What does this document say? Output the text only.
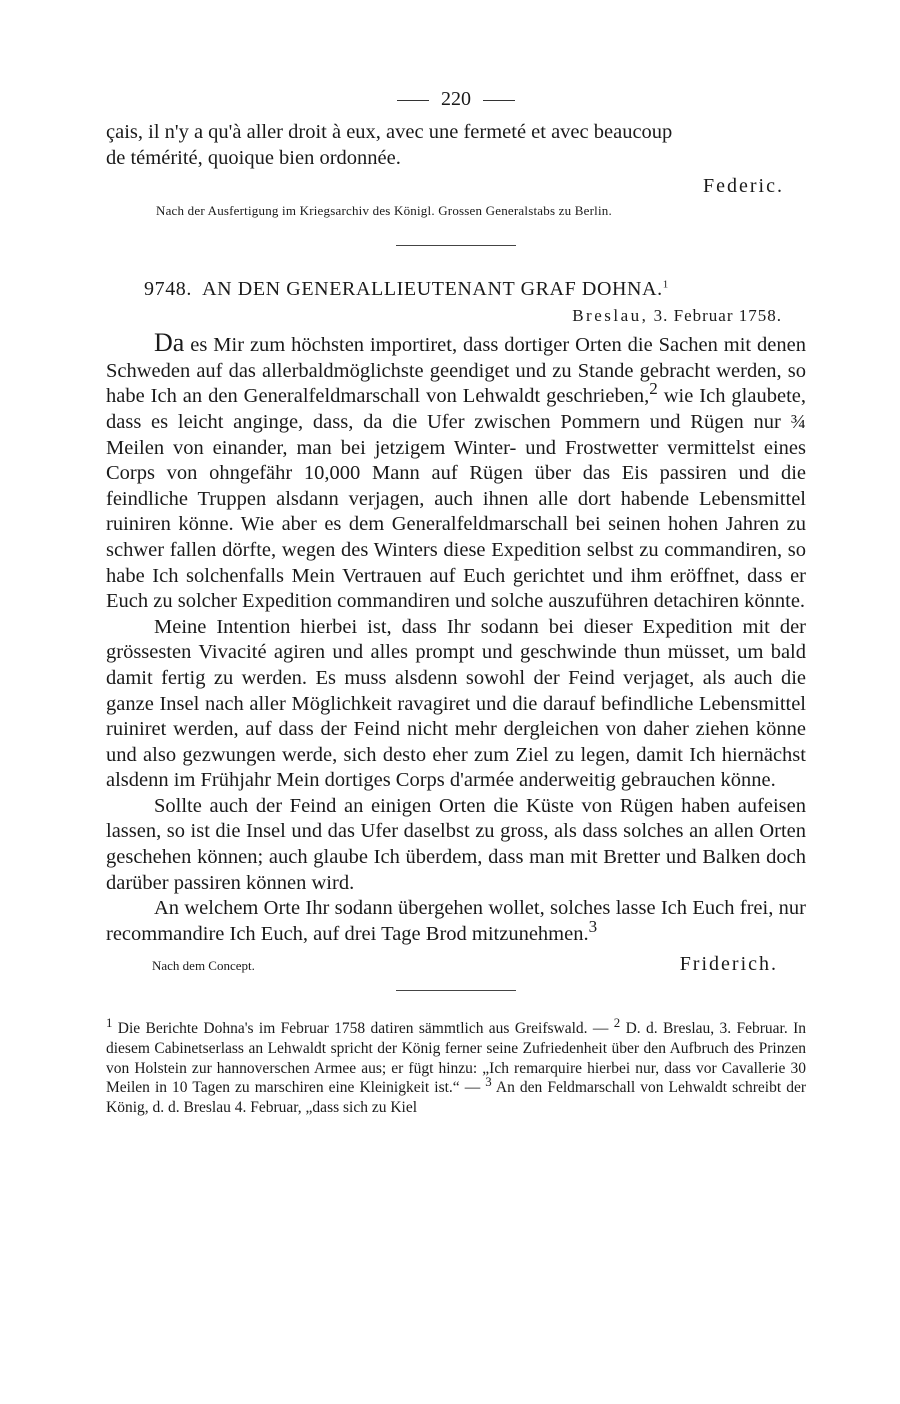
220
çais, il n'y a qu'à aller droit à eux, avec une fermeté et avec beaucoup
de témérité, quoique bien ordonnée.
Federic.
Nach der Ausfertigung im Kriegsarchiv des Königl. Grossen Generalstabs zu Berlin.
9748. AN DEN GENERALLIEUTENANT GRAF DOHNA.$^1$
Breslau, 3. Februar 1758.
Da es Mir zum höchsten importiret, dass dortiger Orten die Sachen mit denen Schweden auf das allerbaldmöglichste geendiget und zu Stande gebracht werden, so habe Ich an den Generalfeldmarschall von Lehwaldt geschrieben,$^2$ wie Ich glaubete, dass es leicht anginge, dass, da die Ufer zwischen Pommern und Rügen nur ¾ Meilen von einander, man bei jetzigem Winter- und Frostwetter vermittelst eines Corps von ohngefähr 10,000 Mann auf Rügen über das Eis passiren und die feindliche Truppen alsdann verjagen, auch ihnen alle dort habende Lebensmittel ruiniren könne. Wie aber es dem Generalfeldmarschall bei seinen hohen Jahren zu schwer fallen dörfte, wegen des Winters diese Expedition selbst zu commandiren, so habe Ich solchenfalls Mein Vertrauen auf Euch gerichtet und ihm eröffnet, dass er Euch zu solcher Expedition commandiren und solche auszuführen detachiren könnte.
Meine Intention hierbei ist, dass Ihr sodann bei dieser Expedition mit der grössesten Vivacité agiren und alles prompt und geschwinde thun müsset, um bald damit fertig zu werden. Es muss alsdenn sowohl der Feind verjaget, als auch die ganze Insel nach aller Möglichkeit ravagiret und die darauf befindliche Lebensmittel ruiniret werden, auf dass der Feind nicht mehr dergleichen von daher ziehen könne und also gezwungen werde, sich desto eher zum Ziel zu legen, damit Ich hiernächst alsdenn im Frühjahr Mein dortiges Corps d'armée anderweitig gebrauchen könne.
Sollte auch der Feind an einigen Orten die Küste von Rügen haben aufeisen lassen, so ist die Insel und das Ufer daselbst zu gross, als dass solches an allen Orten geschehen können; auch glaube Ich überdem, dass man mit Bretter und Balken doch darüber passiren können wird.
An welchem Orte Ihr sodann übergehen wollet, solches lasse Ich Euch frei, nur recommandire Ich Euch, auf drei Tage Brod mitzunehmen.$^3$
Nach dem Concept.	Friderich.
$^1$ Die Berichte Dohna's im Februar 1758 datiren sämmtlich aus Greifswald. — $^2$ D. d. Breslau, 3. Februar. In diesem Cabinetserlass an Lehwaldt spricht der König ferner seine Zufriedenheit über den Aufbruch des Prinzen von Holstein zur hannoverschen Armee aus; er fügt hinzu: „Ich remarquire hierbei nur, dass vor Cavallerie 30 Meilen in 10 Tagen zu marschiren eine Kleinigkeit ist.“ — $^3$ An den Feldmarschall von Lehwaldt schreibt der König, d. d. Breslau 4. Februar, „dass sich zu Kiel
